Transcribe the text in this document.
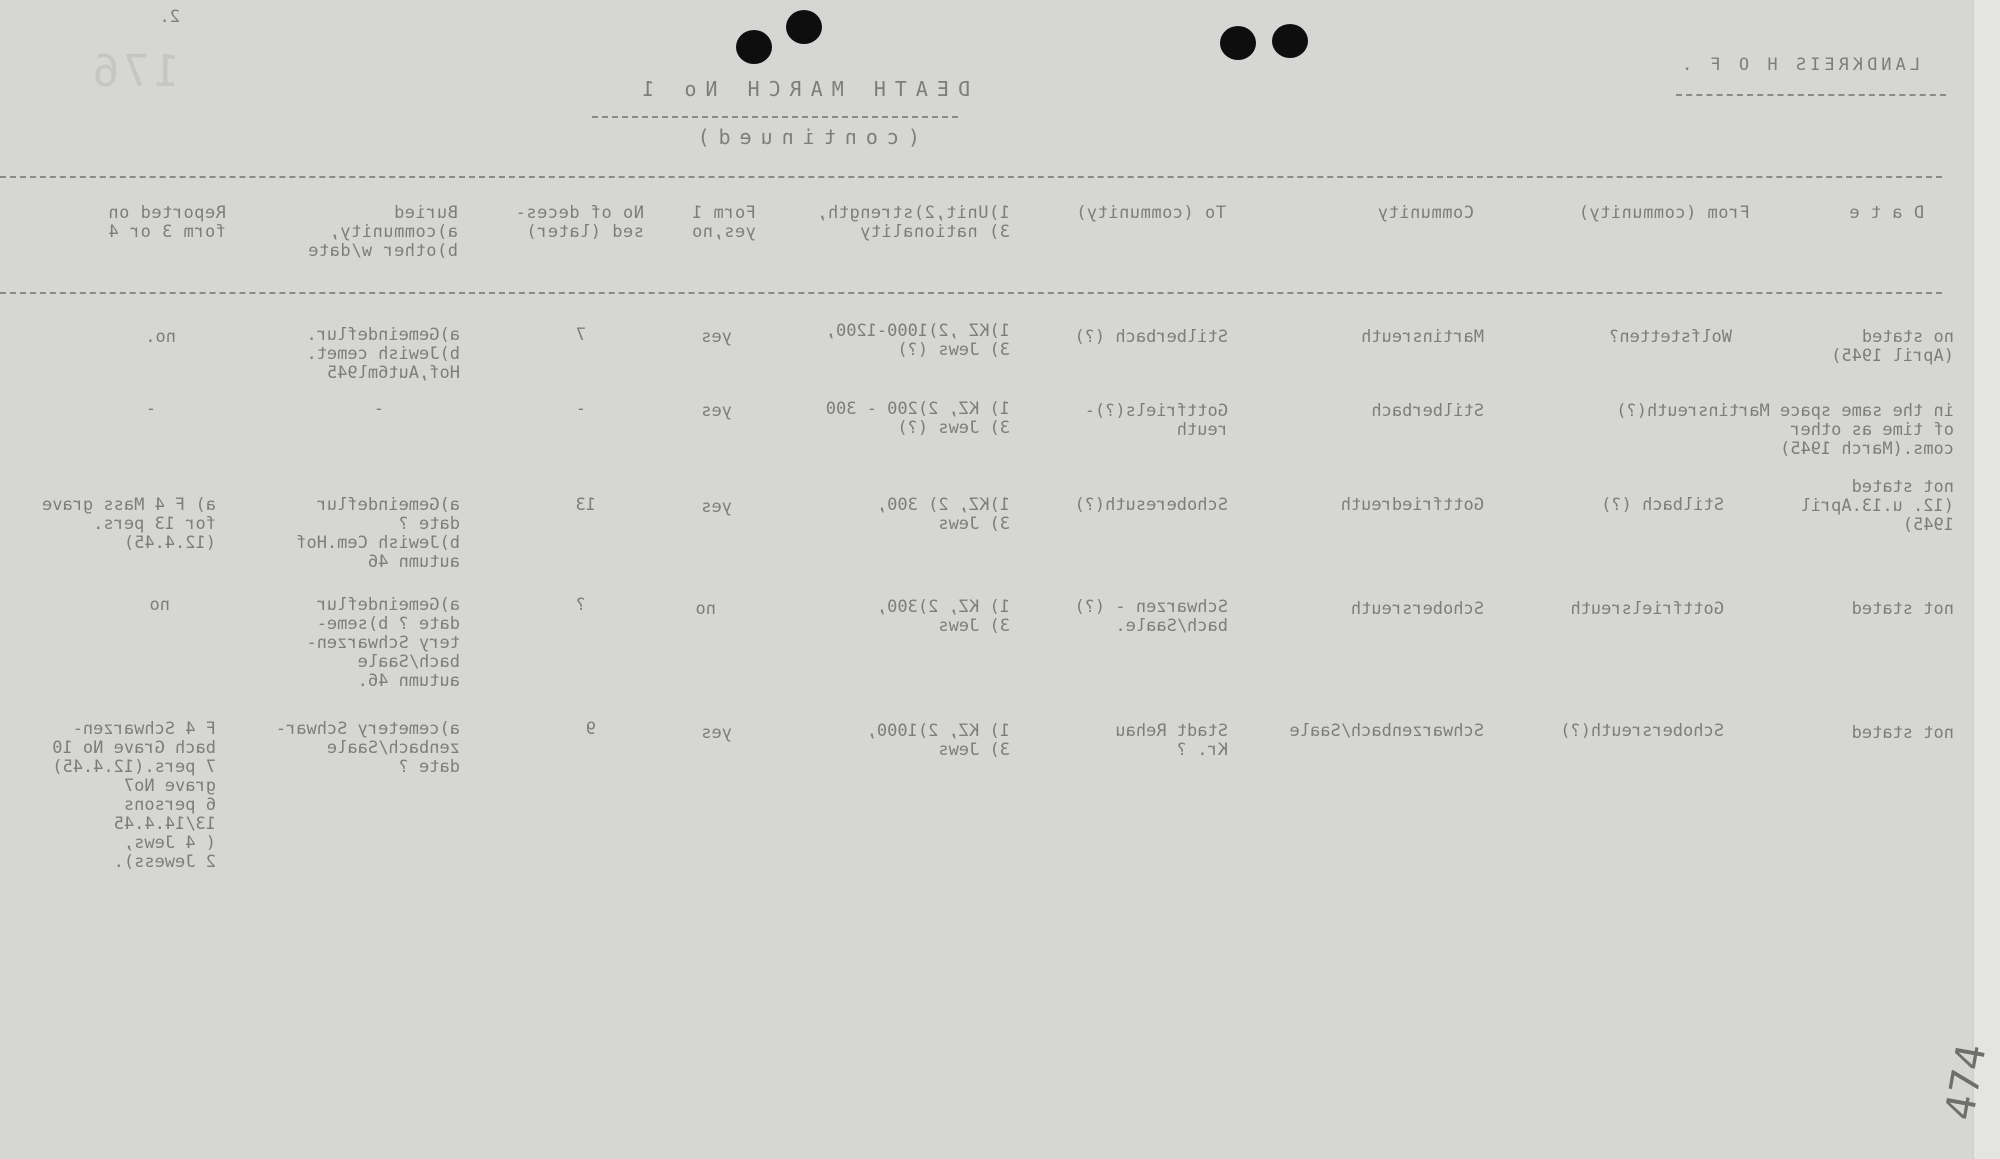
2.
176	DEATH MARCH No 1
(continued)
LANDKREIS H O F .
D a t e
From (community)
Community
To (community)
1)Unit,2)strength,
3) nationality
Form 1
yes,no
No of deces-
sed (later)
Buried
a)community,
b)other w/date
Reported on
form 3 or 4
no stated
(April 1945)
Wolfstetten?
Martinsreuth
Stilberbach (?)
1)KZ ,2)1000-1200,
3) Jews (?)
yes
7
a)Gemeindeflur.
b)Jewish cemet.
Hof,Aut6ml945
no.
in the same space Martinsreuth(?)
of time as other
coms.(March 1945)
Stilberbach
Gottfriels(?)-
reuth
1) KZ, 2)200 - 300
3) Jews (?)
yes
-
-
-
not stated
(12. u.13.April
1945)
Stilbach (?)
Gottfriedreuth
Schoberesuth(?)
1)KZ, 2) 300,
3) Jews
yes
13
a)Gemeindeflur
date ?
b)Jewish Cem.Hof
autumn 46
a) F 4 Mass grave
for 13 pers.
(12.4.45)
not stated
Gottfrielsreuth
Schobersreuth
Schwarzen - (?)
bach/Saale.
1) KZ, 2)300,
3) Jews
no
?
a)Gemeindeflur
date ? b)seme-
tery Schwarzen-
bach/Saale
autumn 46.
no
not stated
Schobersreuth(?)
Schwarzenbach/Saale
Stadt Rehau
Kr. ?
1) KZ, 2)1000,
3) Jews
yes
9
a)cemetery Schwar-
zenbach/Saale
date ?
F 4 Schwarzen-
bach Grave No 10
7 pers.(12.4.45)
grave No7
6 persons
13/14.4.45
( 4 Jews,
2 Jewess).
474
